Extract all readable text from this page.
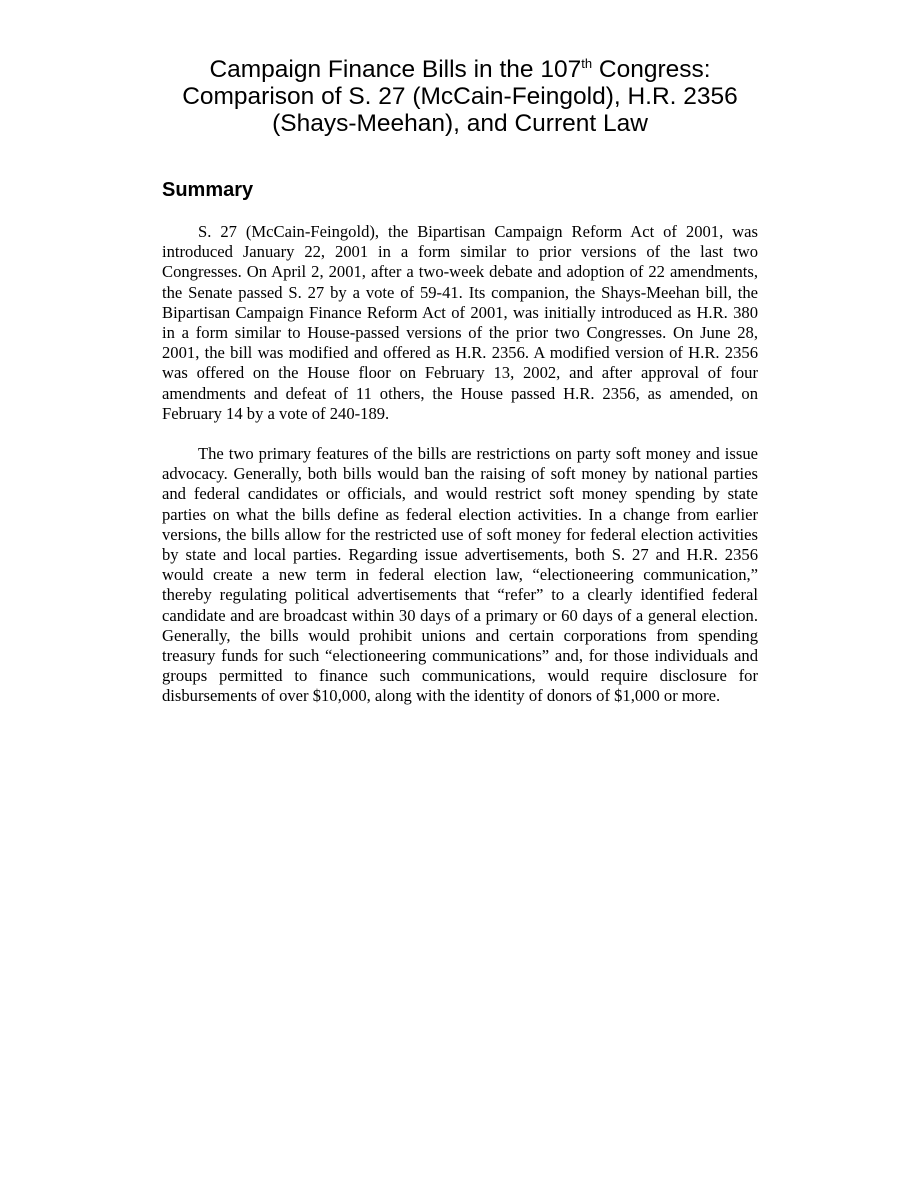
Campaign Finance Bills in the 107th Congress:
Comparison of S. 27 (McCain-Feingold), H.R. 2356
(Shays-Meehan), and Current Law
Summary

S. 27 (McCain-Feingold), the Bipartisan Campaign Reform Act of 2001, was introduced January 22, 2001 in a form similar to prior versions of the last two Congresses. On April 2, 2001, after a two-week debate and adoption of 22 amendments, the Senate passed S. 27 by a vote of 59-41. Its companion, the Shays-Meehan bill, the Bipartisan Campaign Finance Reform Act of 2001, was initially introduced as H.R. 380 in a form similar to House-passed versions of the prior two Congresses. On June 28, 2001, the bill was modified and offered as H.R. 2356. A modified version of H.R. 2356 was offered on the House floor on February 13, 2002, and after approval of four amendments and defeat of 11 others, the House passed H.R. 2356, as amended, on February 14 by a vote of 240-189.

The two primary features of the bills are restrictions on party soft money and issue advocacy. Generally, both bills would ban the raising of soft money by national parties and federal candidates or officials, and would restrict soft money spending by state parties on what the bills define as federal election activities. In a change from earlier versions, the bills allow for the restricted use of soft money for federal election activities by state and local parties. Regarding issue advertisements, both S. 27 and H.R. 2356 would create a new term in federal election law, “electioneering communication,” thereby regulating political advertisements that “refer” to a clearly identified federal candidate and are broadcast within 30 days of a primary or 60 days of a general election. Generally, the bills would prohibit unions and certain corporations from spending treasury funds for such “electioneering communications” and, for those individuals and groups permitted to finance such communications, would require disclosure for disbursements of over $10,000, along with the identity of donors of $1,000 or more.
